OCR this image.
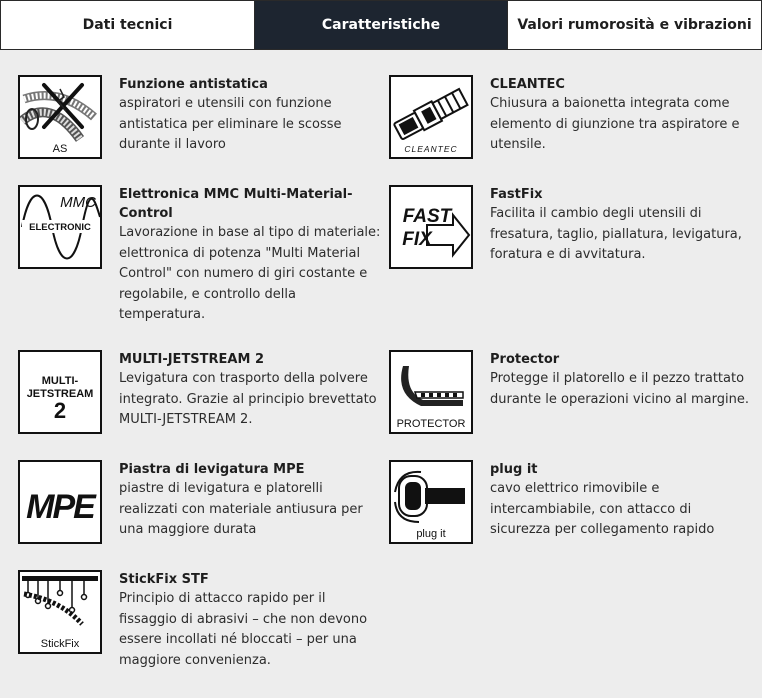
Dati tecnici	Caratteristiche	Valori rumorosità e vibrazioni
AS
Funzione antistatica
aspiratori e utensili con funzione antistatica per eliminare le scosse durante il lavoro	CLEANTEC
CLEANTEC
Chiusura a baionetta integrata come elemento di giunzione tra aspiratore e utensile.
MMC
ELECTRONIC
Elettronica MMC Multi-Material-Control
Lavorazione in base al tipo di materiale: elettronica di potenza "Multi Material Control" con numero di giri costante e regolabile, e controllo della temperatura.
FAST
FIX
FastFix
Facilita il cambio degli utensili di fresatura, taglio, piallatura, levigatura, foratura e di avvitatura.
MULTI-
JETSTREAM
2
MULTI-JETSTREAM 2
Levigatura con trasporto della polvere integrato. Grazie al principio brevettato MULTI-JETSTREAM 2.	PROTECTOR
Protector
Protegge il platorello e il pezzo trattato durante le operazioni vicino al margine.
MPE
Piastra di levigatura MPE
piastre di levigatura e platorelli realizzati con materiale antiusura per una maggiore durata	plug it
plug it
cavo elettrico rimovibile e intercambiabile, con attacco di sicurezza per collegamento rapido
StickFix
StickFix STF
Principio di attacco rapido per il fissaggio di abrasivi – che non devono essere incollati né bloccati – per una maggiore convenienza.
